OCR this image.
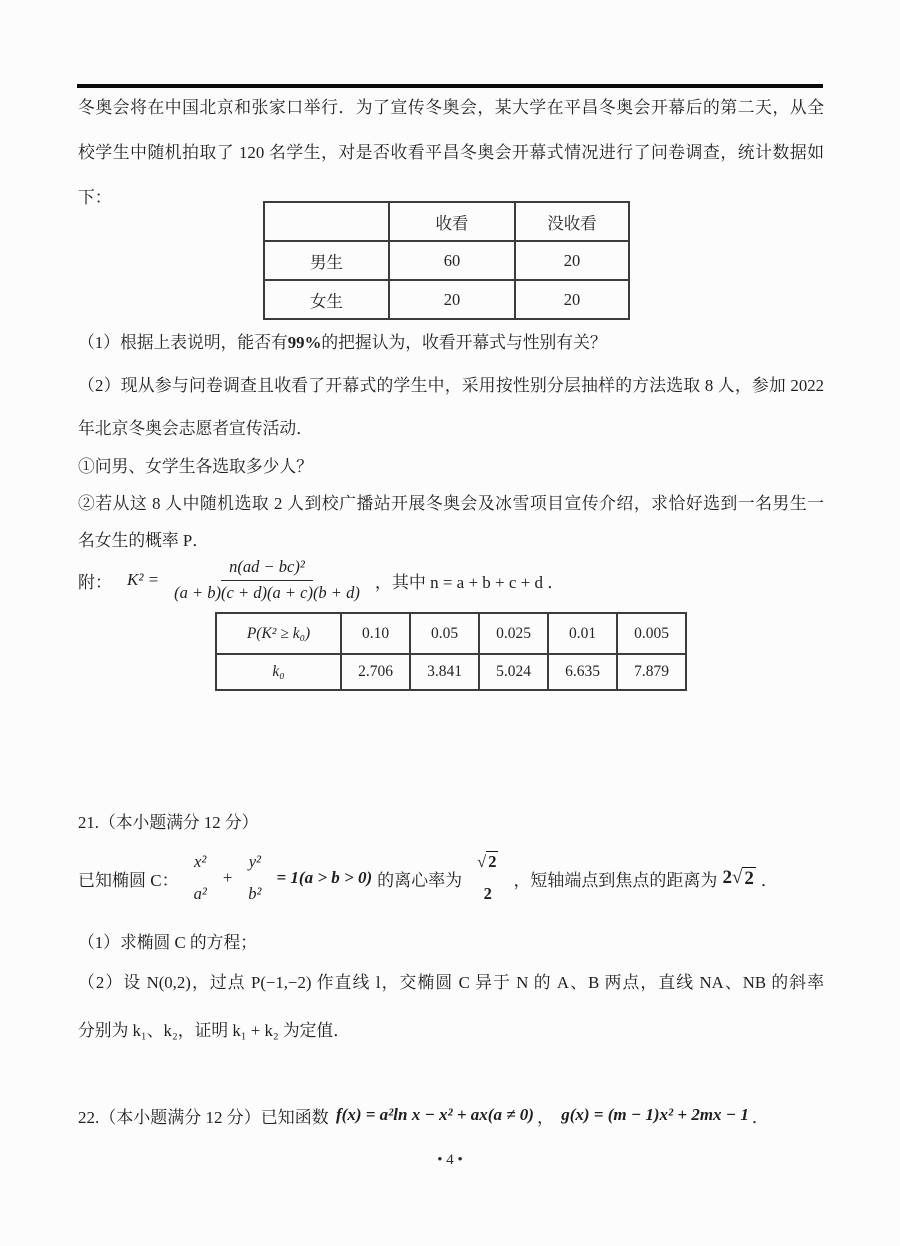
冬奥会将在中国北京和张家口举行．为了宣传冬奥会，某大学在平昌冬奥会开幕后的第二天，从全
校学生中随机拍取了 120 名学生，对是否收看平昌冬奥会开幕式情况进行了问卷调查，统计数据如
下：
	收看	没收看
男生	60	20
女生	20	20
（1）根据上表说明，能否有99%的把握认为，收看开幕式与性别有关？
（2）现从参与问卷调查且收看了开幕式的学生中，采用按性别分层抽样的方法选取 8 人，参加 2022
年北京冬奥会志愿者宣传活动．
①问男、女学生各选取多少人？
②若从这 8 人中随机选取 2 人到校广播站开展冬奥会及冰雪项目宣传介绍，求恰好选到一名男生一
名女生的概率 P．
附： $K^2 = \frac{\text{n(ad − bc)²}}{(a + b)(c + d)(a + c)(b + d)}$ ，其中 n = a + b + c + d ．
P(K² ≥ k₀)	0.10	0.05	0.025	0.01	0.005
k₀	2.706	3.841	5.024	6.635	7.879
21.（本小题满分 12 分）
已知椭圆 C：
x²
a²
+
y²
b²
= 1(a > b > 0) 的离心率为
√ 2
2
，短轴端点到焦点的距离为 2 √ 2 ．
（1）求椭圆 C 的方程；
（2）设 N(0,2)，过点 P(−1,−2) 作直线 l，交椭圆 C 异于 N 的 A、B 两点，直线 NA、NB 的斜率
分别为 k₁、k₂，证明 k₁ + k₂ 为定值．
22.（本小题满分 12 分）已知函数 f(x) = a²ln x − x² + ax(a ≠ 0) ， g(x) = (m − 1)x² + 2mx − 1 ．
• 4 •
